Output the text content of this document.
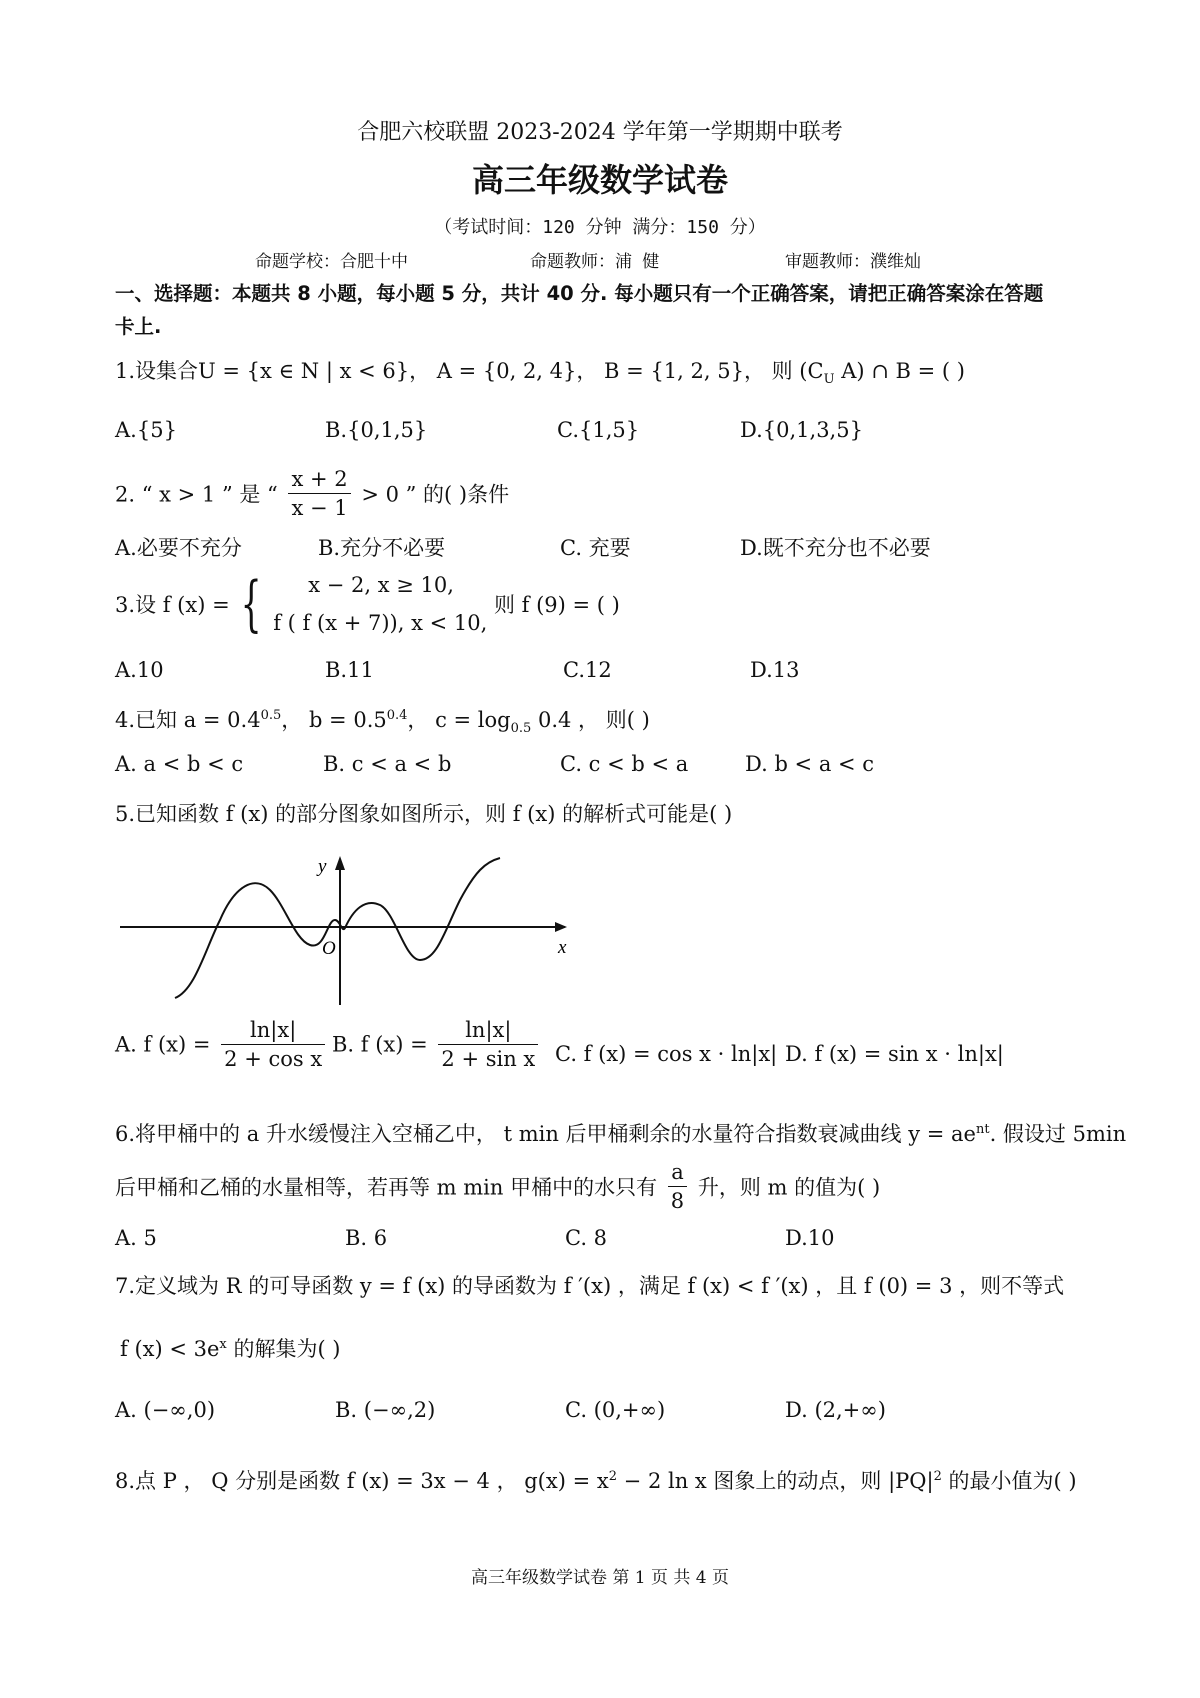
合肥六校联盟 2023-2024 学年第一学期期中联考
高三年级数学试卷
（考试时间：120 分钟 满分：150 分）
命题学校：合肥十中	命题教师：浦 健	审题教师：濮维灿
一、选择题：本题共 8 小题，每小题 5 分，共计 40 分. 每小题只有一个正确答案，请把正确答案涂在答题
卡上.
1.设集合U = {x ∈ N | x < 6}， A = {0, 2, 4}， B = {1, 2, 5}， 则 ($C_U$ A) ∩ B = ( )
A.{5}	B.{0,1,5}	C.{1,5}	D.{0,1,3,5}
2. “ x > 1 ” 是 “ $\frac{x + 2}{x - 1} > 0$ ” 的( )条件
A.必要不充分	B.充分不必要	C. 充要	D.既不充分也不必要
3.设 f (x) = {	x − 2, x ≥ 10,
f ( f (x + 7)), x < 10,
则 f (9) = ( )
A.10	B.11	C.12	D.13
4.已知 $a = 0.4^{0.5}$， $b = 0.5^{0.4}$， $c = \log_{0.5} 0.4$ ， 则( )
A. a < b < c	B. c < a < b	C. c < b < a	D. b < a < c
5.已知函数 f (x) 的部分图象如图所示，则 f (x) 的解析式可能是( )
y
x
O
A. f $(x) = \frac{\ln|x|}{\text{2 + cos x}} B$. f $(x) = \frac{\ln|x|}{\text{2 + sin x}} C$. f (x) = cos x · ln|x| D. f (x) = sin x · ln|x|
6.将甲桶中的 a 升水缓慢注入空桶乙中， t min 后甲桶剩余的水量符合指数衰减曲线 $y = ae^{nt}$. 假设过 5min
后甲桶和乙桶的水量相等，若再等 m min 甲桶中的水只有 $\frac{a}{8}$ 升，则 m 的值为( )
A. 5	B. 6	C. 8	D.10
7.定义域为 R 的可导函数 y = f (x) 的导函数为 f ′(x) ，满足 f (x) < f ′(x) ，且 f (0) = 3 ，则不等式
f $(x) < 3e^x$ 的解集为( )
A. (−∞,0)	B. (−∞,2)	C. (0,+∞)	D. (2,+∞)
8.点 P ， Q 分别是函数 f (x) = 3x − 4 ， $g(x) = x^2 - 2$ ln x 图象上的动点，则 $|PQ|^2$ 的最小值为( )
高三年级数学试卷 第 1 页 共 4 页
